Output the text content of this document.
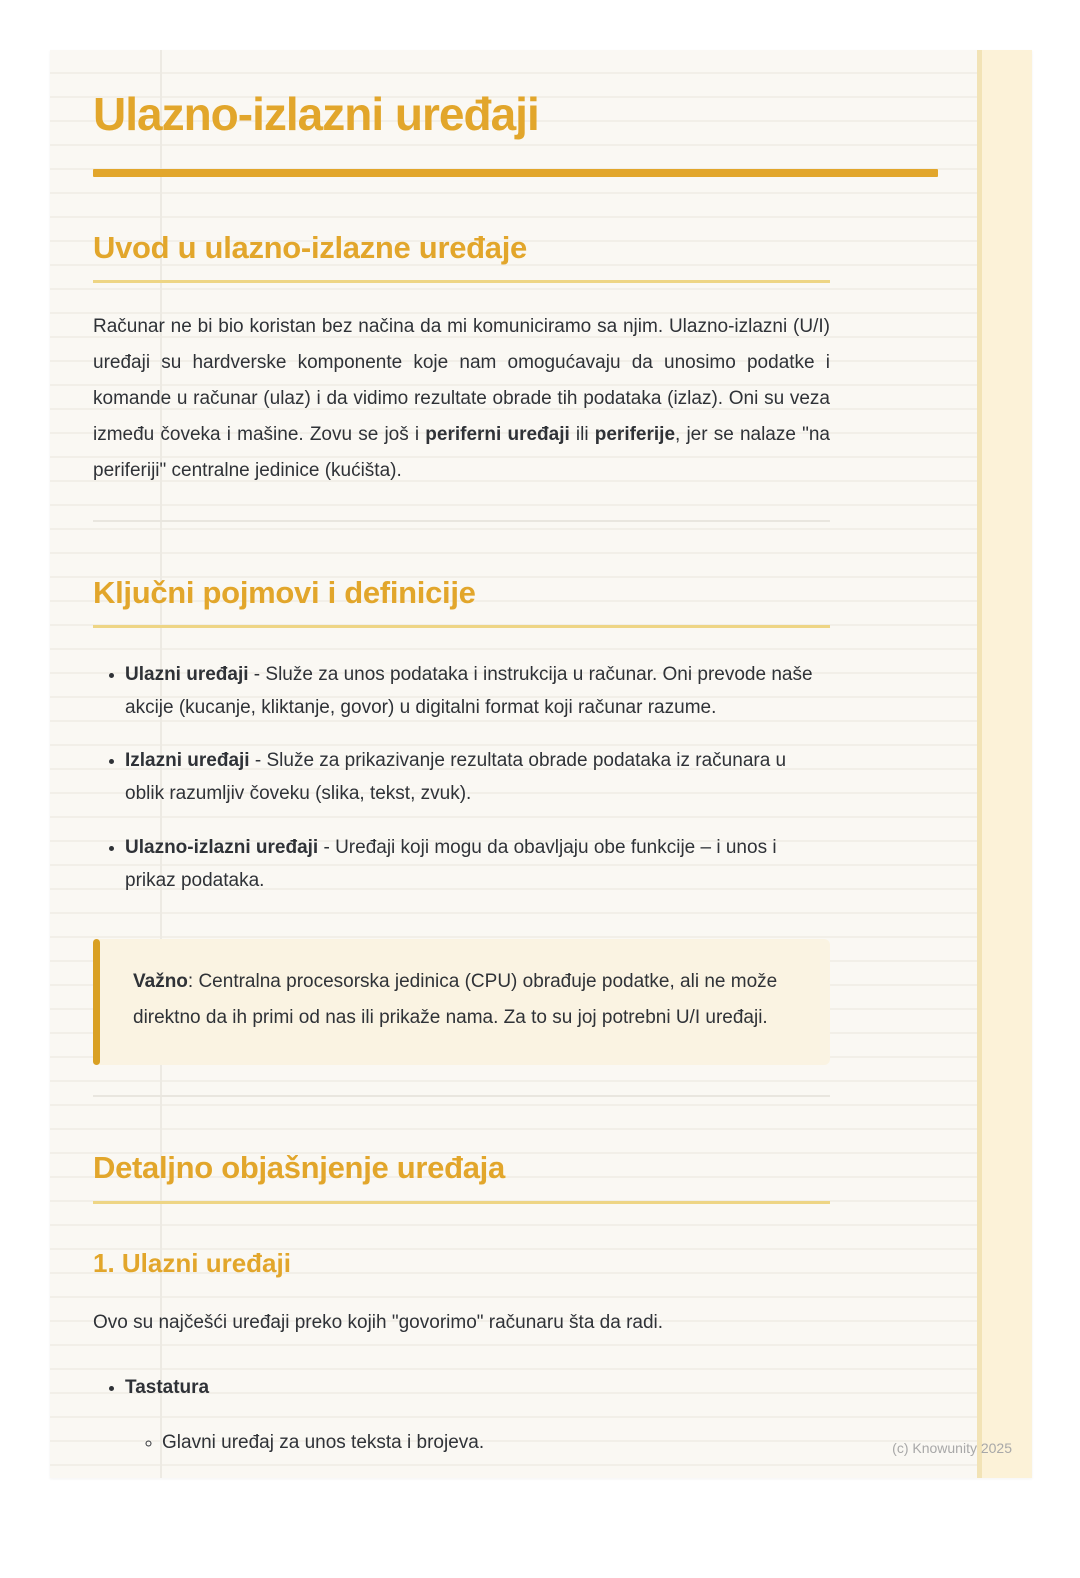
Ulazno-izlazni uređaji
Uvod u ulazno-izlazne uređaje

Računar ne bi bio koristan bez načina da mi komuniciramo sa njim. Ulazno-izlazni (U/I) uređaji su hardverske komponente koje nam omogućavaju da unosimo podatke i komande u računar (ulaz) i da vidimo rezultate obrade tih podataka (izlaz). Oni su veza između čoveka i mašine. Zovu se još i periferni uređaji ili periferije, jer se nalaze "na periferiji" centralne jedinice (kućišta).

Ključni pojmovi i definicije
• Ulazni uređaji - Služe za unos podataka i instrukcija u računar. Oni prevode naše akcije (kucanje, kliktanje, govor) u digitalni format koji računar razume.
• Izlazni uređaji - Služe za prikazivanje rezultata obrade podataka iz računara u oblik razumljiv čoveku (slika, tekst, zvuk).
• Ulazno-izlazni uređaji - Uređaji koji mogu da obavljaju obe funkcije – i unos i prikaz podataka.

Važno: Centralna procesorska jedinica (CPU) obrađuje podatke, ali ne može direktno da ih primi od nas ili prikaže nama. Za to su joj potrebni U/I uređaji.

Detaljno objašnjenje uređaja
1. Ulazni uređaji

Ovo su najčešći uređaji preko kojih "govorimo" računaru šta da radi.

• Tastatura
◦ Glavni uređaj za unos teksta i brojeva.	(c) Knowunity 2025
